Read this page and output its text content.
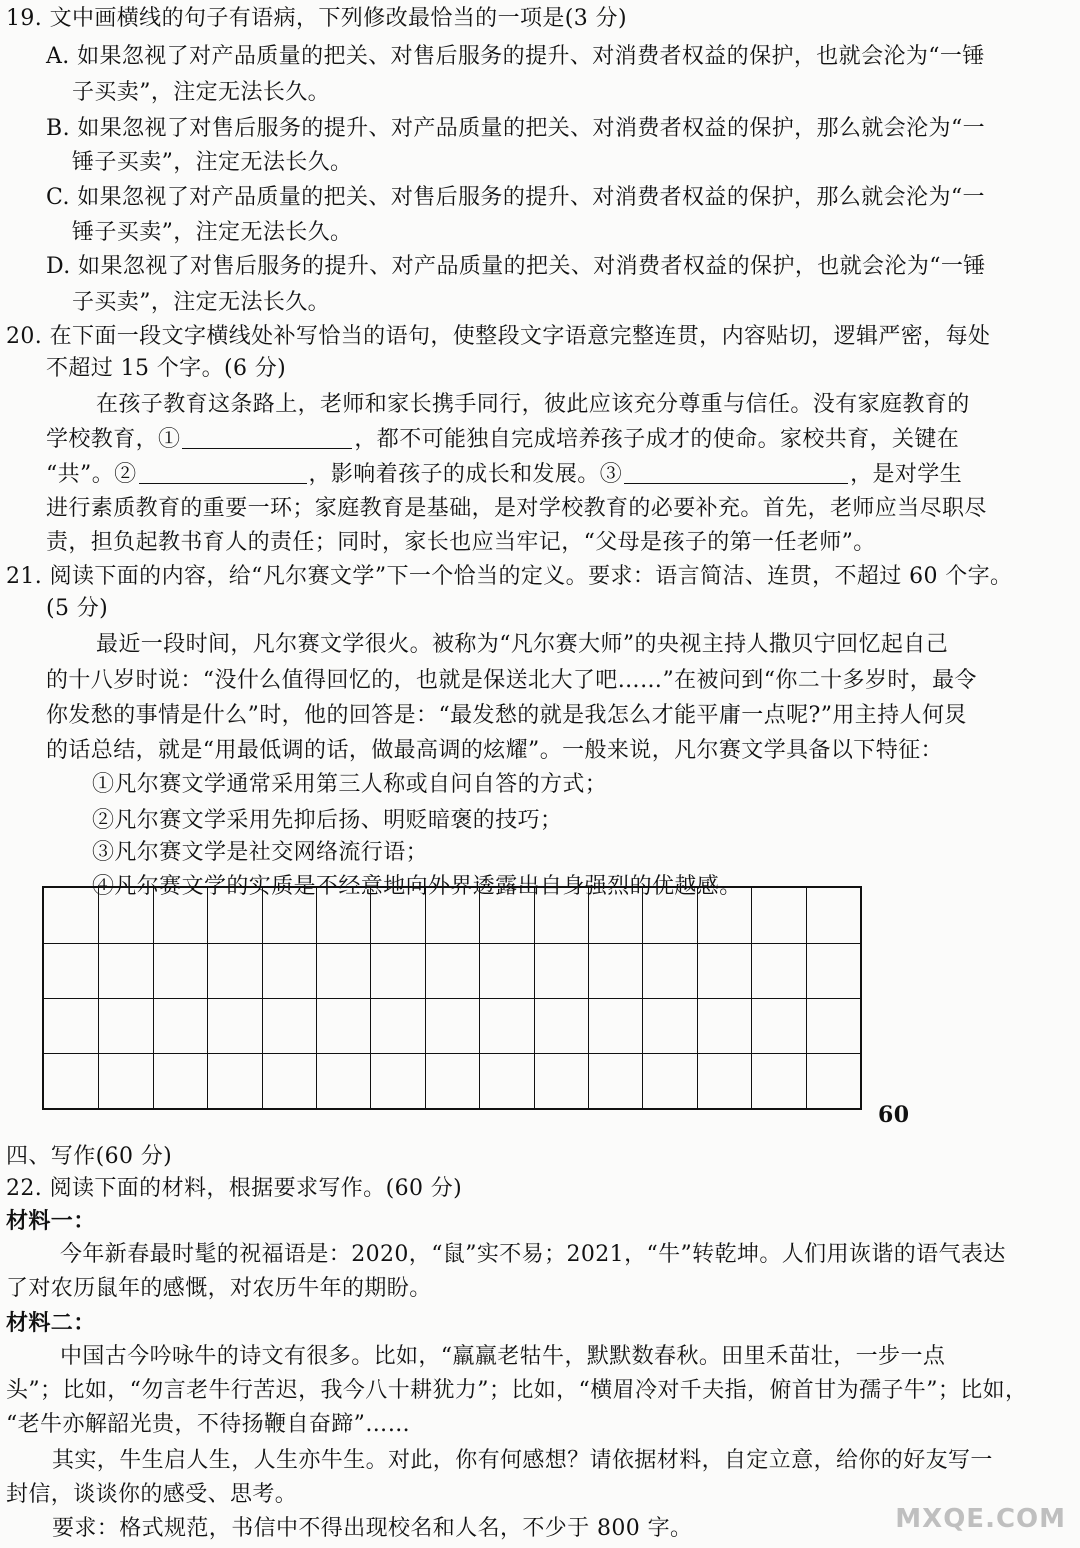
19. 文中画横线的句子有语病，下列修改最恰当的一项是(3 分)
A. 如果忽视了对产品质量的把关、对售后服务的提升、对消费者权益的保护，也就会沦为“一锤
子买卖”，注定无法长久。
B. 如果忽视了对售后服务的提升、对产品质量的把关、对消费者权益的保护，那么就会沦为“一
锤子买卖”，注定无法长久。
C. 如果忽视了对产品质量的把关、对售后服务的提升、对消费者权益的保护，那么就会沦为“一
锤子买卖”，注定无法长久。
D. 如果忽视了对售后服务的提升、对产品质量的把关、对消费者权益的保护，也就会沦为“一锤
子买卖”，注定无法长久。
20. 在下面一段文字横线处补写恰当的语句，使整段文字语意完整连贯，内容贴切，逻辑严密，每处
不超过 15 个字。(6 分)
在孩子教育这条路上，老师和家长携手同行，彼此应该充分尊重与信任。没有家庭教育的
学校教育，①	，都不可能独自完成培养孩子成才的使命。家校共育，关键在
“共”。②	，影响着孩子的成长和发展。③	，是对学生
进行素质教育的重要一环；家庭教育是基础，是对学校教育的必要补充。首先，老师应当尽职尽
责，担负起教书育人的责任；同时，家长也应当牢记，“父母是孩子的第一任老师”。
21. 阅读下面的内容，给“凡尔赛文学”下一个恰当的定义。要求：语言简洁、连贯，不超过 60 个字。
(5 分)
最近一段时间，凡尔赛文学很火。被称为“凡尔赛大师”的央视主持人撒贝宁回忆起自己
的十八岁时说：“没什么值得回忆的，也就是保送北大了吧……”在被问到“你二十多岁时，最令
你发愁的事情是什么”时，他的回答是：“最发愁的就是我怎么才能平庸一点呢?”用主持人何炅
的话总结，就是“用最低调的话，做最高调的炫耀”。一般来说，凡尔赛文学具备以下特征：
①凡尔赛文学通常采用第三人称或自问自答的方式；
②凡尔赛文学采用先抑后扬、明贬暗褒的技巧；
③凡尔赛文学是社交网络流行语；
④凡尔赛文学的实质是不经意地向外界透露出自身强烈的优越感。
60
四、写作(60 分)
22. 阅读下面的材料，根据要求写作。(60 分)
材料一：
今年新春最时髦的祝福语是：2020，“鼠”实不易；2021，“牛”转乾坤。人们用诙谐的语气表达
了对农历鼠年的感慨，对农历牛年的期盼。
材料二：
中国古今吟咏牛的诗文有很多。比如，“羸羸老牯牛，默默数春秋。田里禾苗壮，一步一点
头”；比如，“勿言老牛行苦迟，我今八十耕犹力”；比如，“横眉冷对千夫指，俯首甘为孺子牛”；比如，
“老牛亦解韶光贵，不待扬鞭自奋蹄”……
其实，牛生启人生，人生亦牛生。对此，你有何感想？请依据材料，自定立意，给你的好友写一
封信，谈谈你的感受、思考。
要求：格式规范，书信中不得出现校名和人名，不少于 800 字。	MXQE.COM
